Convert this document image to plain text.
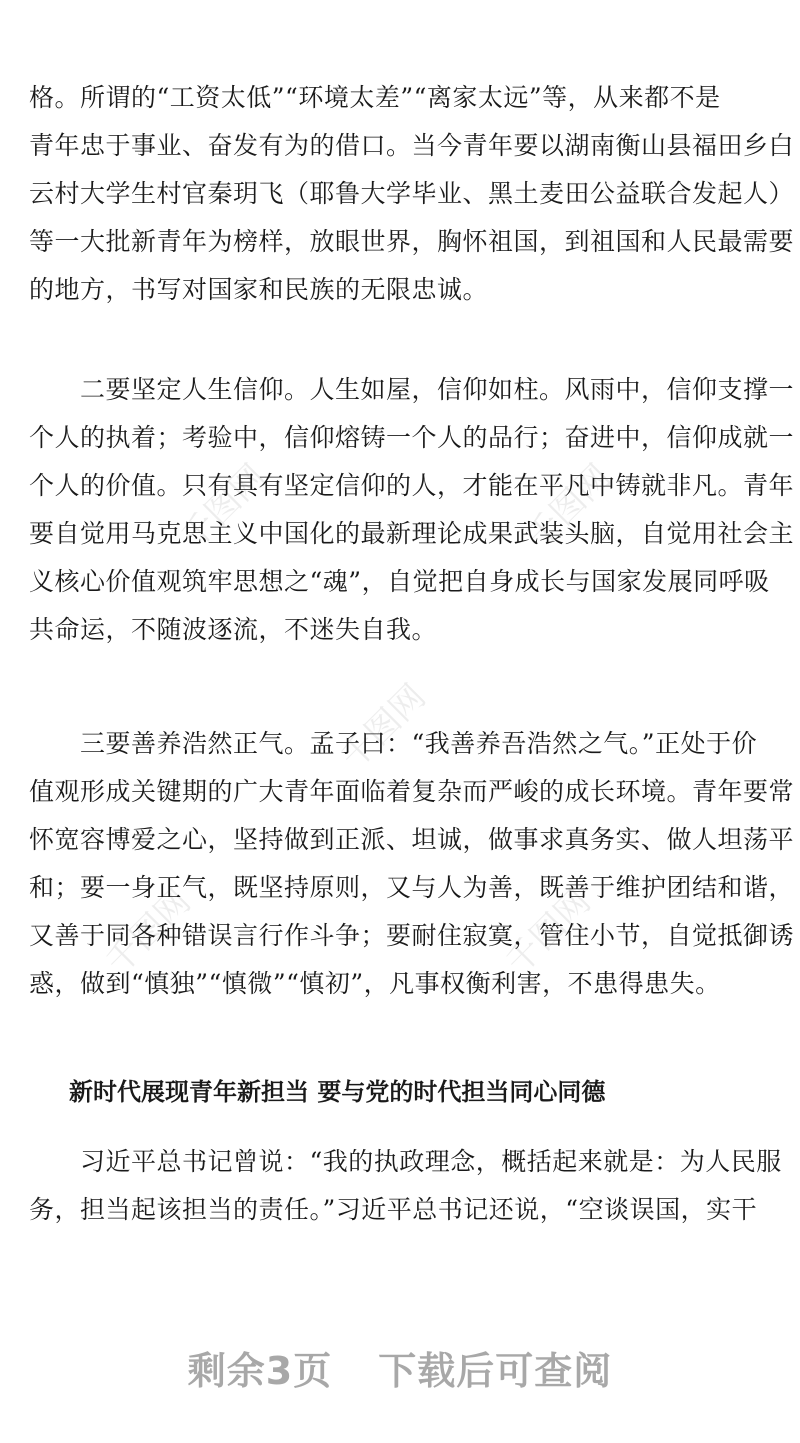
千图网	千图网
千图网
千图网	千图网
格。所谓的“工资太低”“环境太差”“离家太远”等，从来都不是
青年忠于事业、奋发有为的借口。当今青年要以湖南衡山县福田乡白
云村大学生村官秦玥飞（耶鲁大学毕业、黑土麦田公益联合发起人）
等一大批新青年为榜样，放眼世界，胸怀祖国，到祖国和人民最需要
的地方，书写对国家和民族的无限忠诚。
　　二要坚定人生信仰。人生如屋，信仰如柱。风雨中，信仰支撑一
个人的执着；考验中，信仰熔铸一个人的品行；奋进中，信仰成就一
个人的价值。只有具有坚定信仰的人，才能在平凡中铸就非凡。青年
要自觉用马克思主义中国化的最新理论成果武装头脑，自觉用社会主
义核心价值观筑牢思想之“魂”，自觉把自身成长与国家发展同呼吸
共命运，不随波逐流，不迷失自我。
　　三要善养浩然正气。孟子曰：“我善养吾浩然之气。”正处于价
值观形成关键期的广大青年面临着复杂而严峻的成长环境。青年要常
怀宽容博爱之心，坚持做到正派、坦诚，做事求真务实、做人坦荡平
和；要一身正气，既坚持原则，又与人为善，既善于维护团结和谐，
又善于同各种错误言行作斗争；要耐住寂寞，管住小节，自觉抵御诱
惑，做到“慎独”“慎微”“慎初”，凡事权衡利害，不患得患失。
新时代展现青年新担当 要与党的时代担当同心同德
　　习近平总书记曾说：“我的执政理念，概括起来就是：为人民服
务，担当起该担当的责任。”习近平总书记还说，“空谈误国，实干
剩余3页 下载后可查阅
